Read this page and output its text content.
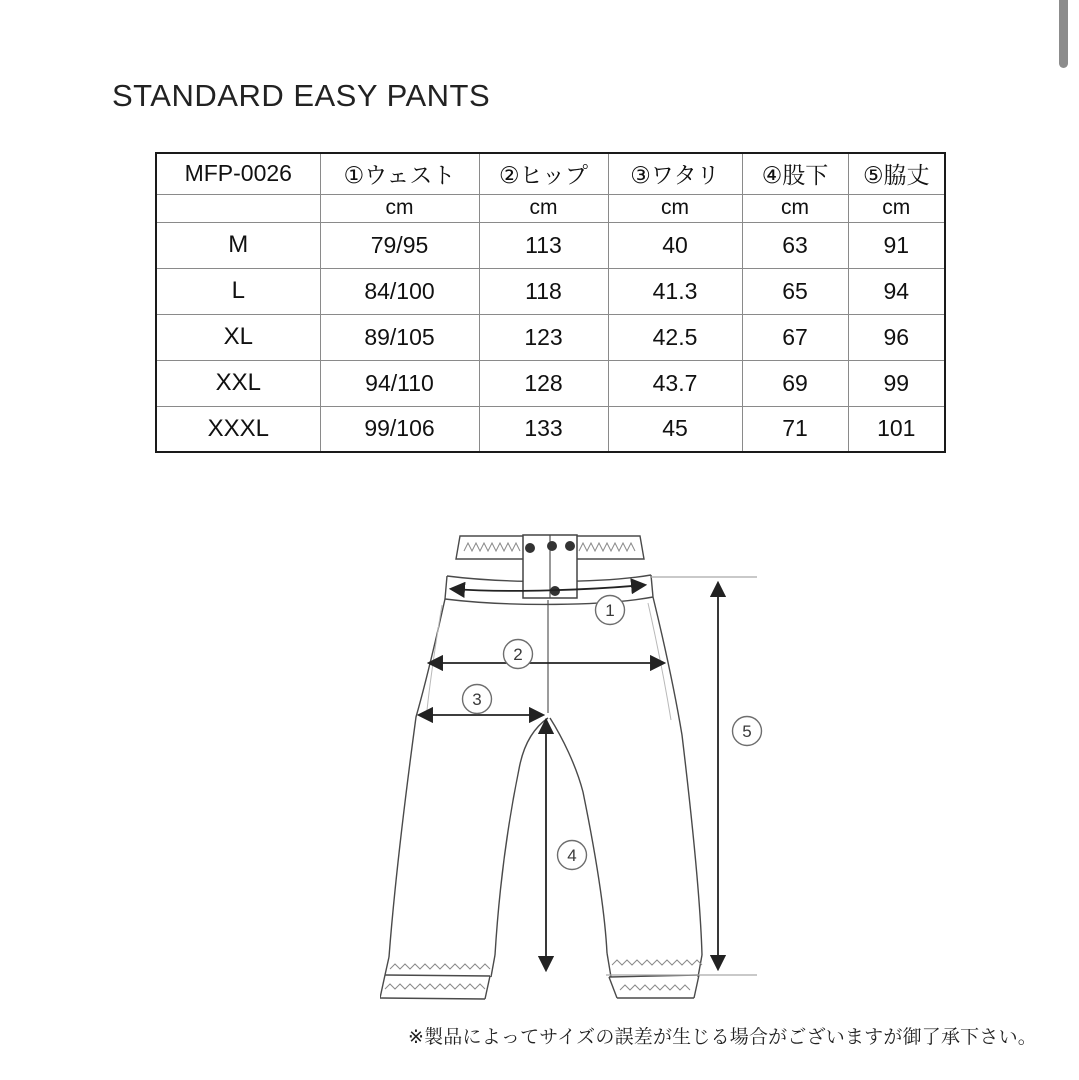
STANDARD EASY PANTS
MFP-0026	①ウェスト	②ヒップ	③ワタリ	④股下	⑤脇丈
	cm	cm	cm	cm	cm
M	79/95	113	40	63	91
L	84/100	118	41.3	65	94
XL	89/105	123	42.5	67	96
XXL	94/110	128	43.7	69	99
XXXL	99/106	133	45	71	101
1
2
3
4
5
※製品によってサイズの誤差が生じる場合がございますが御了承下さい。
